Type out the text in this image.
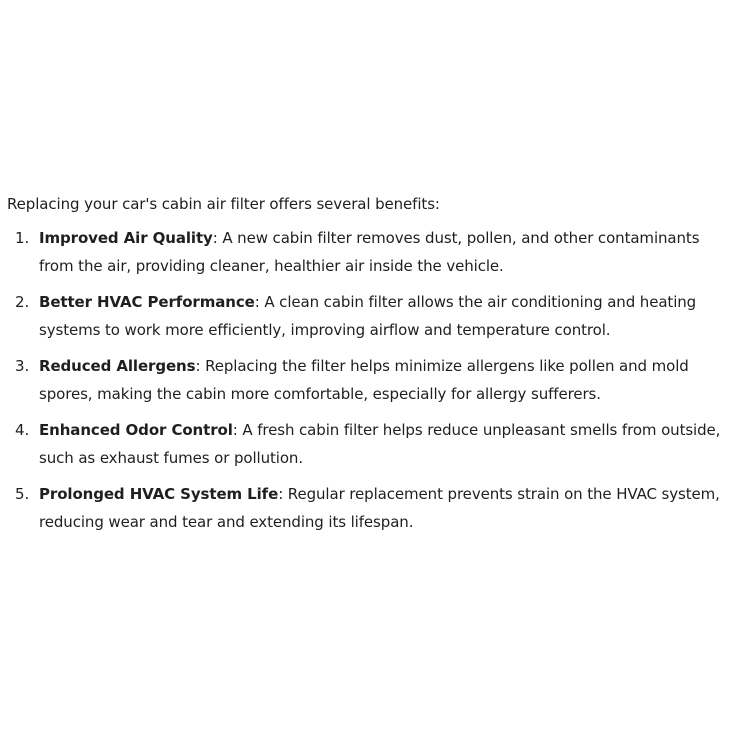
Replacing your car's cabin air filter offers several benefits:

1. Improved Air Quality: A new cabin filter removes dust, pollen, and other contaminants from the air, providing cleaner, healthier air inside the vehicle.
2. Better HVAC Performance: A clean cabin filter allows the air conditioning and heating systems to work more efficiently, improving airflow and temperature control.
3. Reduced Allergens: Replacing the filter helps minimize allergens like pollen and mold spores, making the cabin more comfortable, especially for allergy sufferers.
4. Enhanced Odor Control: A fresh cabin filter helps reduce unpleasant smells from outside, such as exhaust fumes or pollution.
5. Prolonged HVAC System Life: Regular replacement prevents strain on the HVAC system, reducing wear and tear and extending its lifespan.
